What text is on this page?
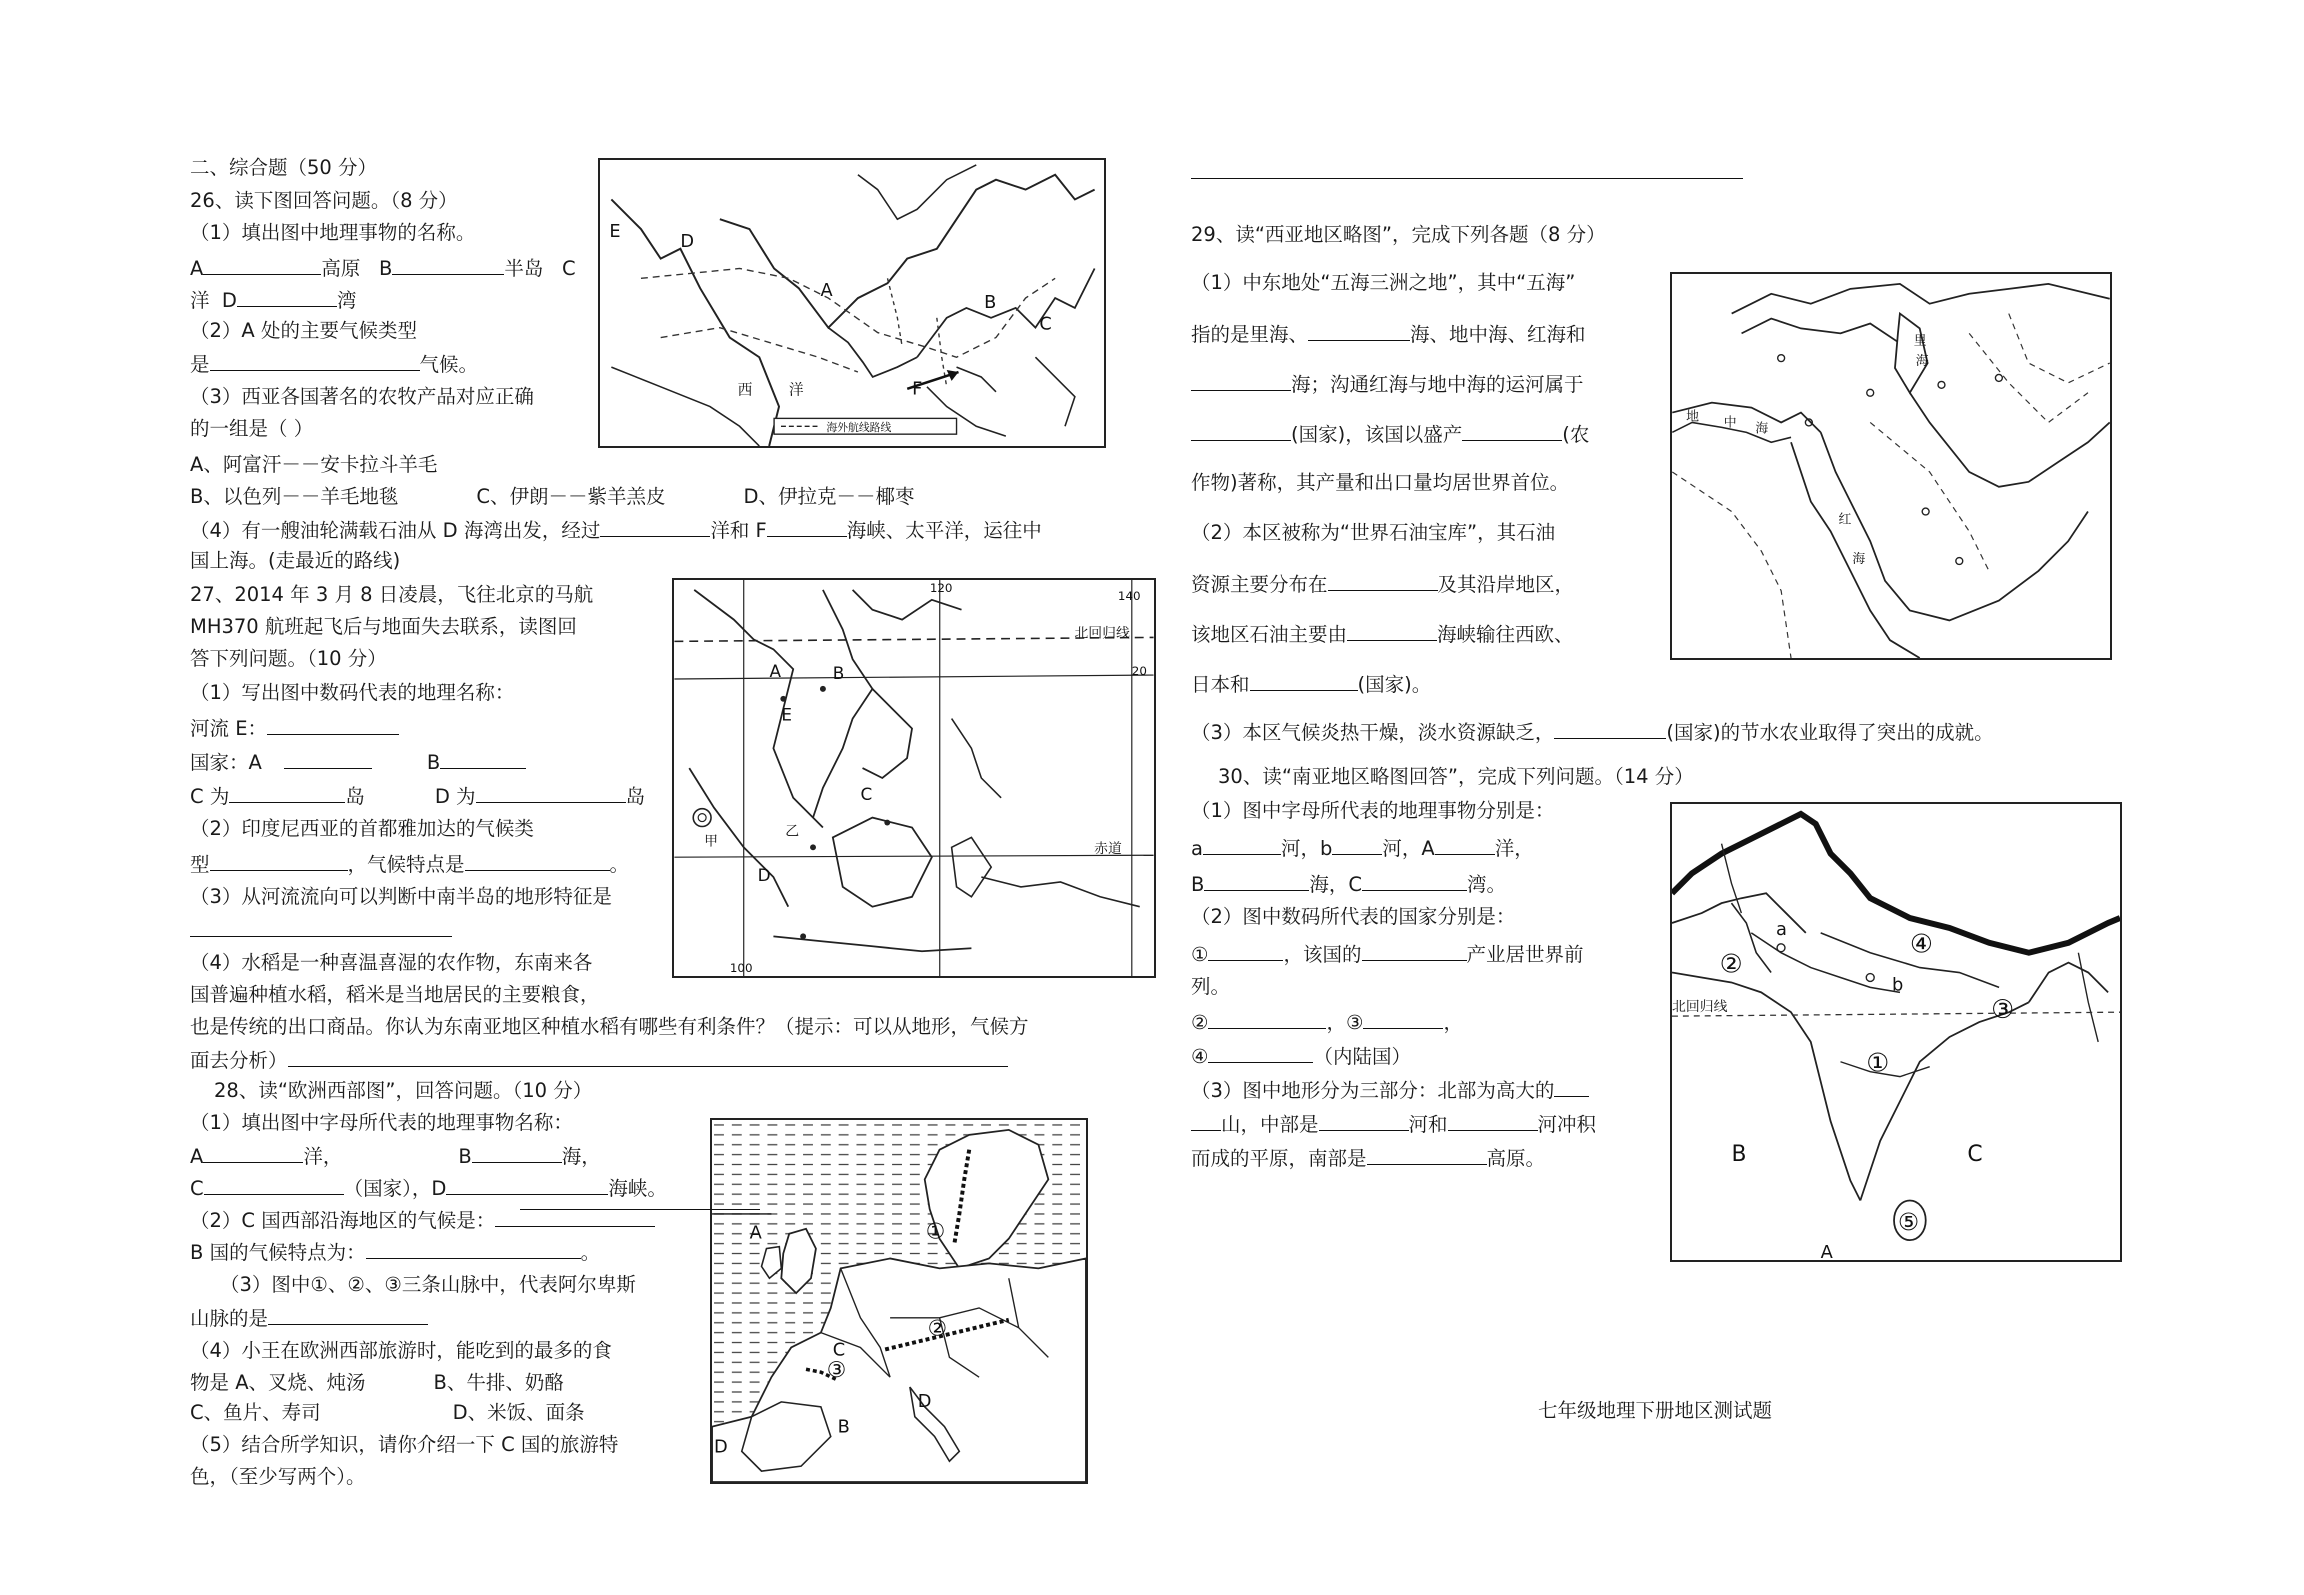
二、综合题（50 分）
26、读下图回答问题。（8 分）
（1）填出图中地理事物的名称。
A	高原 B	半岛 C
洋 D	湾
（2）A 处的主要气候类型
是	气候。
（3）西亚各国著名的农牧产品对应正确
的一组是（ ）
A、阿富汗－－安卡拉斗羊毛
B、以色列－－羊毛地毯	C、伊朗－－紫羊羔皮	D、伊拉克－－椰枣
（4）有一艘油轮满载石油从 D 海湾出发，经过	洋和 F	海峡、太平洋，运往中
国上海。(走最近的路线)
E	D
A
B
C
F
西 洋
海外航线路线
27、2014 年 3 月 8 日凌晨，飞往北京的马航
MH370 航班起飞后与地面失去联系，读图回
答下列问题。（10 分）
（1）写出图中数码代表的地理名称：
河流 E：
国家：A	B
C 为	岛	D 为	岛
（2）印度尼西亚的首都雅加达的气候类
型	，气候特点是	。
（3）从河流流向可以判断中南半岛的地形特征是
（4）水稻是一种喜温喜湿的农作物，东南来各
国普遍种植水稻，稻米是当地居民的主要粮食，
也是传统的出口商品。你认为东南亚地区种植水稻有哪些有利条件？（提示：可以从地形，气候方
面去分析）
120
140
100
20
北回归线
赤道
E
A	B
C
D
甲
乙
28、读“欧洲西部图”，回答问题。（10 分）
（1）填出图中字母所代表的地理事物名称：
A	洋，	B	海，
C	（国家），D	海峡。
（2）C 国西部沿海地区的气候是：
B 国的气候特点为：	。
（3）图中①、②、③三条山脉中，代表阿尔卑斯
山脉的是
（4）小王在欧洲西部旅游时，能吃到的最多的食
物是 A、叉烧、炖汤	B、牛排、奶酪
C、鱼片、寿司	D、米饭、面条
（5）结合所学知识，请你介绍一下 C 国的旅游特
色，（至少写两个）。
A
B
C
D
①
②
③
D
29、读“西亚地区略图”，完成下列各题（8 分）
（1）中东地处“五海三洲之地”，其中“五海”
指的是里海、	海、地中海、红海和
海；沟通红海与地中海的运河属于
(国家)，该国以盛产	(农
作物)著称，其产量和出口量均居世界首位。
（2）本区被称为“世界石油宝库”，其石油
资源主要分布在	及其沿岸地区，
该地区石油主要由	海峡输往西欧、
日本和	(国家)。
（3）本区气候炎热干燥，淡水资源缺乏，	(国家)的节水农业取得了突出的成就。
里
海
地 中 海
红
海
30、读“南亚地区略图回答”，完成下列问题。（14 分）
（1）图中字母所代表的地理事物分别是：
a	河，b	河，A	洋，
B	海，C	湾。
（2）图中数码所代表的国家分别是：
①	，该国的	产业居世界前
列。
②	，③	，
④	（内陆国）
（3）图中地形分为三部分：北部为高大的
山，中部是	河和	河冲积
而成的平原，南部是	高原。
a
b
A
B	C
①
②
③
④
⑤
北回归线
七年级地理下册地区测试题
